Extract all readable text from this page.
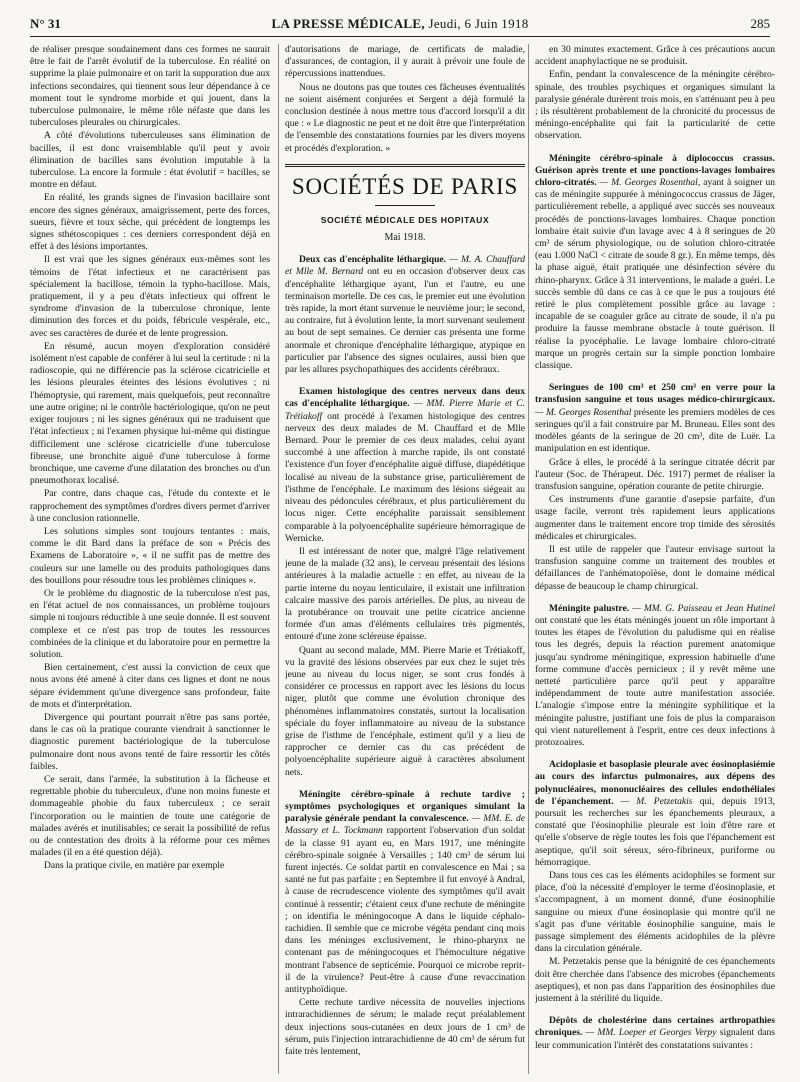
N° 31	LA PRESSE MÉDICALE, Jeudi, 6 Juin 1918	285

de réaliser presque soudainement dans ces formes ne saurait être le fait de l'arrêt évolutif de la tuberculose. En réalité on supprime la plaie pulmonaire et on tarit la suppuration due aux infections secondaires, qui tiennent sous leur dépendance à ce moment tout le syndrome morbide et qui jouent, dans la tuberculose pulmonaire, le même rôle néfaste que dans les tuberculoses pleurales ou chirurgicales.

A côté d'évolutions tuberculeuses sans élimination de bacilles, il est donc vraisemblable qu'il peut y avoir élimination de bacilles sans évolution imputable à la tuberculose. La encore la formule : état évolutif = bacilles, se montre en défaut.

En réalité, les grands signes de l'invasion bacillaire sont encore des signes généraux, amaigrissement, perte des forces, sueurs, fièvre et toux sèche, qui précèdent de longtemps les signes sthétoscopiques : ces derniers correspondent déjà en effet à des lésions importantes.

Il est vrai que les signes généraux eux-mêmes sont les témoins de l'état infectieux et ne caractérisent pas spécialement la bacillose, témoin la typho-bacillose. Mais, pratiquement, il y a peu d'états infectieux qui offrent le syndrome d'invasion de la tuberculose chronique, lente diminution des forces et du poids, fébricule vespérale, etc., avec ses caractères de durée et de lente progression.

En résumé, aucun moyen d'exploration considéré isolément n'est capable de conférer à lui seul la certitude : ni la radioscopie, qui ne différencie pas la sclérose cicatricielle et les lésions pleurales éteintes des lésions évolutives ; ni l'hémoptysie, qui rarement, mais quelquefois, peut reconnaître une autre origine; ni le contrôle bactériologique, qu'on ne peut exiger toujours ; ni les signes généraux qui ne traduisent que l'état infectieux ; ni l'examen physique lui-même qui distingue difficilement une sclérose cicatricielle d'une tuberculose fibreuse, une bronchite aiguë d'une tuberculose à forme bronchique, une caverne d'une dilatation des bronches ou d'un pneumothorax localisé.

Par contre, dans chaque cas, l'étude du contexte et le rapprochement des symptômes d'ordres divers permet d'arriver à une conclusion rationnelle.

Les solutions simples sont toujours tentantes : mais, comme le dit Bard dans la préface de son « Précis des Examens de Laboratoire », « il ne suffit pas de mettre des couleurs sur une lamelle ou des produits pathologiques dans des bouillons pour résoudre tous les problèmes cliniques ».

Or le problème du diagnostic de la tuberculose n'est pas, en l'état actuel de nos connaissances, un problème toujours simple ni toujours réductible à une seule donnée. Il est souvent complexe et ce n'est pas trop de toutes les ressources combinées de la clinique et du laboratoire pour en permettre la solution.

Bien certainement, c'est aussi la conviction de ceux que nous avons été amené à citer dans ces lignes et dont ne nous sépare évidemment qu'une divergence sans profondeur, faite de mots et d'interprétation.

Divergence qui pourtant pourrait n'être pas sans portée, dans le cas où la pratique courante viendrait à sanctionner le diagnostic purement bactériologique de la tuberculose pulmonaire dont nous avons tenté de faire ressortir les côtés faibles.

Ce serait, dans l'armée, la substitution à la fâcheuse et regrettable phobie du tuberculeux, d'une non moins funeste et dommageable phobie du faux tuberculeux ; ce serait l'incorporation ou le maintien de toute une catégorie de malades avérés et inutilisables; ce serait la possibilité de refus ou de contestation des droits à la réforme pour ces mêmes malades (il en a été question déjà).

Dans la pratique civile, en matière par exemple

d'autorisations de mariage, de certificats de maladie, d'assurances, de contagion, il y aurait à prévoir une foule de répercussions inattendues.

Nous ne doutons pas que toutes ces fâcheuses éventualités ne soient aisément conjurées et Sergent a déjà formulé la conclusion destinée à nous mettre tous d'accord lorsqu'il a dit que : « Le diagnostic ne peut et ne doit être que l'interprétation de l'ensemble des constatations fournies par les divers moyens et procédés d'exploration. »

SOCIÉTÉS DE PARIS
SOCIÉTÉ MÉDICALE DES HOPITAUX
Mai 1918.

Deux cas d'encéphalite léthargique. — M. A. Chauffard et Mlle M. Bernard ont eu en occasion d'observer deux cas d'encéphalite léthargique ayant, l'un et l'autre, eu une terminaison mortelle. De ces cas, le premier eut une évolution très rapide, la mort étant survenue le neuvième jour; le second, au contraire, fut à évolution lente, la mort survenant seulement au bout de sept semaines. Ce dernier cas présenta une forme anormale et chronique d'encéphalite léthargique, atypique en particulier par l'absence des signes oculaires, aussi bien que par les allures psychopathiques des accidents cérébraux.

Examen histologique des centres nerveux dans deux cas d'encéphalite léthargique. — MM. Pierre Marie et C. Trétiakoff ont procédé à l'examen histologique des centres nerveux des deux malades de M. Chauffard et de Mlle Bernard. Pour le premier de ces deux malades, celui ayant succombé à une affection à marche rapide, ils ont constaté l'existence d'un foyer d'encéphalite aiguë diffuse, diapédétique localisé au niveau de la substance grise, particulièrement de l'isthme de l'encéphale. Le maximum des lésions siégeait au niveau des pédoncules cérébraux, et plus particulièrement du locus niger. Cette encéphalite paraissait sensiblement comparable à la polyoencéphalite supérieure hémorragique de Wernicke.

Il est intéressant de noter que, malgré l'âge relativement jeune de la malade (32 ans), le cerveau présentait des lésions antérieures à la maladie actuelle : en effet, au niveau de la partie interne du noyau lenticulaire, il existait une infiltration calcaire massive des parois artérielles. De plus, au niveau de la protubérance on trouvait une petite cicatrice ancienne formée d'un amas d'éléments cellulaires très pigmentés, entouré d'une zone scléreuse épaisse.

Quant au second malade, MM. Pierre Marie et Trétiakoff, vu la gravité des lésions observées par eux chez le sujet très jeune au niveau du locus niger, se sont crus fondés à considérer ce processus en rapport avec les lésions du locus niger, plutôt que comme une évolution chronique des phénomènes inflammatoires constatés, surtout la localisation spéciale du foyer inflammatoire au niveau de la substance grise de l'isthme de l'encéphale, estiment qu'il y a lieu de rapprocher ce dernier cas du cas précédent de polyoencéphalite supérieure aiguë à caractères absolument nets.

Méningite cérébro-spinale à rechute tardive ; symptômes psychologiques et organiques simulant la paralysie générale pendant la convalescence. — MM. E. de Massary et L. Tockmann rapportent l'observation d'un soldat de la classe 91 ayant eu, en Mars 1917, une méningite cérébro-spinale soignée à Versailles ; 140 cm³ de sérum lui furent injectés. Ce soldat partit en convalescence en Mai ; sa santé ne fut pas parfaite ; en Septembre il fut envoyé à Andral, à cause de recrudescence violente des symptômes qu'il avait continué à ressentir; c'étaient ceux d'une rechute de méningite ; on identifia le méningocoque A dans le liquide céphalo-rachidien. Il semble que ce microbe végéta pendant cinq mois dans les méninges exclusivement, le rhino-pharynx ne contenant pas de méningocoques et l'hémoculture négative montrant l'absence de septicémie. Pourquoi ce microbe reprit-il de la virulence? Peut-être à cause d'une revaccination antityphoïdique.

Cette rechute tardive nécessita de nouvelles injections intrarachidiennes de sérum; le malade reçut préalablement deux injections sous-cutanées en deux jours de 1 cm³ de sérum, puis l'injection intrarachidienne de 40 cm³ de sérum fut faite très lentement,

en 30 minutes exactement. Grâce à ces précautions aucun accident anaphylactique ne se produisit.

Enfin, pendant la convalescence de la méningite cérébro-spinale, des troubles psychiques et organiques simulant la paralysie générale durèrent trois mois, en s'atténuant peu à peu ; ils résultèrent probablement de la chronicité du processus de méningo-encéphalite qui fait la particularité de cette observation.

Méningite cérébro-spinale à diplococcus crassus. Guérison après trente et une ponctions-lavages lombaires chloro-citratés. — M. Georges Rosenthal, ayant à soigner un cas de méningite suppurée à méningococcus crassus de Jäger, particulièrement rebelle, a appliqué avec succès ses nouveaux procédés de ponctions-lavages lombaires. Chaque ponction lombaire était suivie d'un lavage avec 4 à 8 seringues de 20 cm³ de sérum physiologique, ou de solution chloro-citratée (eau 1.000 NaCl < citrate de soude 8 gr.). En même temps, dès la phase aiguë, était pratiquée une désinfection sévère du rhino-pharynx. Grâce à 31 interventions, le malade a guéri. Le succès semble dû dans ce cas à ce que le pus a toujours été retiré le plus complètement possible grâce au lavage : incapable de se coaguler grâce au citrate de soude, il n'a pu produire la fausse membrane obstacle à toute guérison. Il réalise la pyocéphalie. Le lavage lombaire chloro-citraté marque un progrès certain sur la simple ponction lombaire classique.

Seringues de 100 cm³ et 250 cm³ en verre pour la transfusion sanguine et tous usages médico-chirurgicaux. — M. Georges Rosenthal présente les premiers modèles de ces seringues qu'il a fait construire par M. Bruneau. Elles sont des modèles géants de la seringue de 20 cm³, dite de Luër. La manipulation en est identique.

Grâce à elles, le procédé à la seringue citratée décrit par l'auteur (Soc. de Thérapeut. Déc. 1917) permet de réaliser la transfusion sanguine, opération courante de petite chirurgie.

Ces instruments d'une garantie d'asepsie parfaite, d'un usage facile, verront très rapidement leurs applications augmenter dans le traitement encore trop timide des sérosités médicales et chirurgicales.

Il est utile de rappeler que l'auteur envisage surtout la transfusion sanguine comme un traitement des troubles et défaillances de l'anhématopoïèse, dont le domaine médical dépasse de beaucoup le champ chirurgical.

Méningite palustre. — MM. G. Paisseau et Jean Hutinel ont constaté que les états méningés jouent un rôle important à toutes les étapes de l'évolution du paludisme qui en réalise tous les degrés, depuis la réaction purement anatomique jusqu'au syndrome méningitique, expression habituelle d'une forme commune d'accès pernicieux ; il y revêt même une netteté particulière parce qu'il peut y apparaître indépendamment de toute autre manifestation associée. L'analogie s'impose entre la méningite syphilitique et la méningite palustre, justifiant une fois de plus la comparaison qui vient naturellement à l'esprit, entre ces deux infections à protozoaires.

Acidoplasie et basoplasie pleurale avec éosinoplasiémie au cours des infarctus pulmonaires, aux dépens des polynucléaires, mononucléaires des cellules endothéliales de l'épanchement. — M. Petzetakis qui, depuis 1913, poursuit les recherches sur les épanchements pleuraux, a constaté que l'éosinophilie pleurale est loin d'être rare et qu'elle s'observe de règle toutes les fois que l'épanchement est aseptique, qu'il soit séreux, séro-fibrineux, puriforme ou hémorragique.

Dans tous ces cas les éléments acidophiles se forment sur place, d'où la nécessité d'employer le terme d'éosinoplasie, et s'accompagnent, à un moment donné, d'une éosinophilie sanguine ou mieux d'une éosinoplasie qui montre qu'il ne s'agit pas d'une véritable éosinophilie sanguine, mais le passage simplement des éléments acidophiles de la plèvre dans la circulation générale.

M. Petzetakis pense que la bénignité de ces épanchements doit être cherchée dans l'absence des microbes (épanchements aseptiques), et non pas dans l'apparition des éosinophiles due justement à la stérilité du liquide.

Dépôts de cholestérine dans certaines arthropathies chroniques. — MM. Loeper et Georges Verpy signalent dans leur communication l'intérêt des constatations suivantes :
